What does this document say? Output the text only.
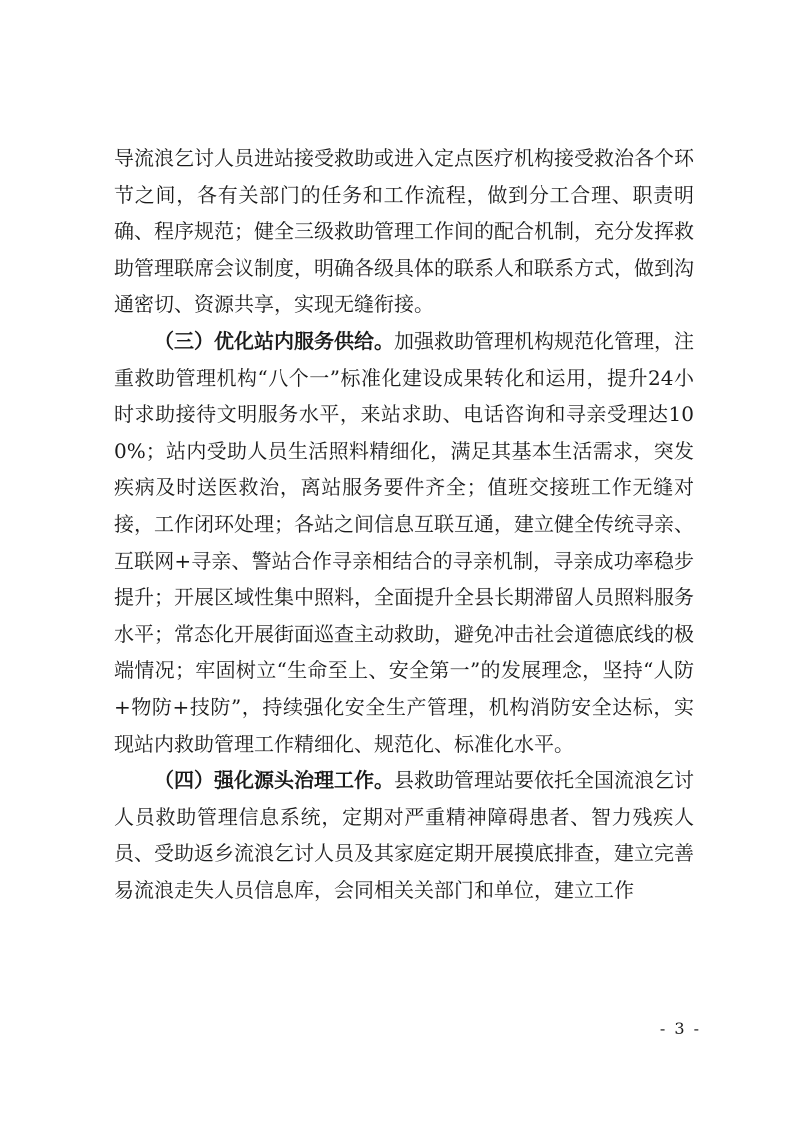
导流浪乞讨人员进站接受救助或进入定点医疗机构接受救治各个环节之间，各有关部门的任务和工作流程，做到分工合理、职责明确、程序规范；健全三级救助管理工作间的配合机制，充分发挥救助管理联席会议制度，明确各级具体的联系人和联系方式，做到沟通密切、资源共享，实现无缝衔接。

（三）优化站内服务供给。加强救助管理机构规范化管理，注重救助管理机构“八个一”标准化建设成果转化和运用，提升24小时求助接待文明服务水平，来站求助、电话咨询和寻亲受理达100%；站内受助人员生活照料精细化，满足其基本生活需求，突发疾病及时送医救治，离站服务要件齐全；值班交接班工作无缝对接，工作闭环处理；各站之间信息互联互通，建立健全传统寻亲、互联网+寻亲、警站合作寻亲相结合的寻亲机制，寻亲成功率稳步提升；开展区域性集中照料，全面提升全县长期滞留人员照料服务水平；常态化开展街面巡查主动救助，避免冲击社会道德底线的极端情况；牢固树立“生命至上、安全第一”的发展理念，坚持“人防+物防+技防”，持续强化安全生产管理，机构消防安全达标，实现站内救助管理工作精细化、规范化、标准化水平。

（四）强化源头治理工作。县救助管理站要依托全国流浪乞讨人员救助管理信息系统，定期对严重精神障碍患者、智力残疾人员、受助返乡流浪乞讨人员及其家庭定期开展摸底排查，建立完善易流浪走失人员信息库，会同相关关部门和单位，建立工作

- 3 -
